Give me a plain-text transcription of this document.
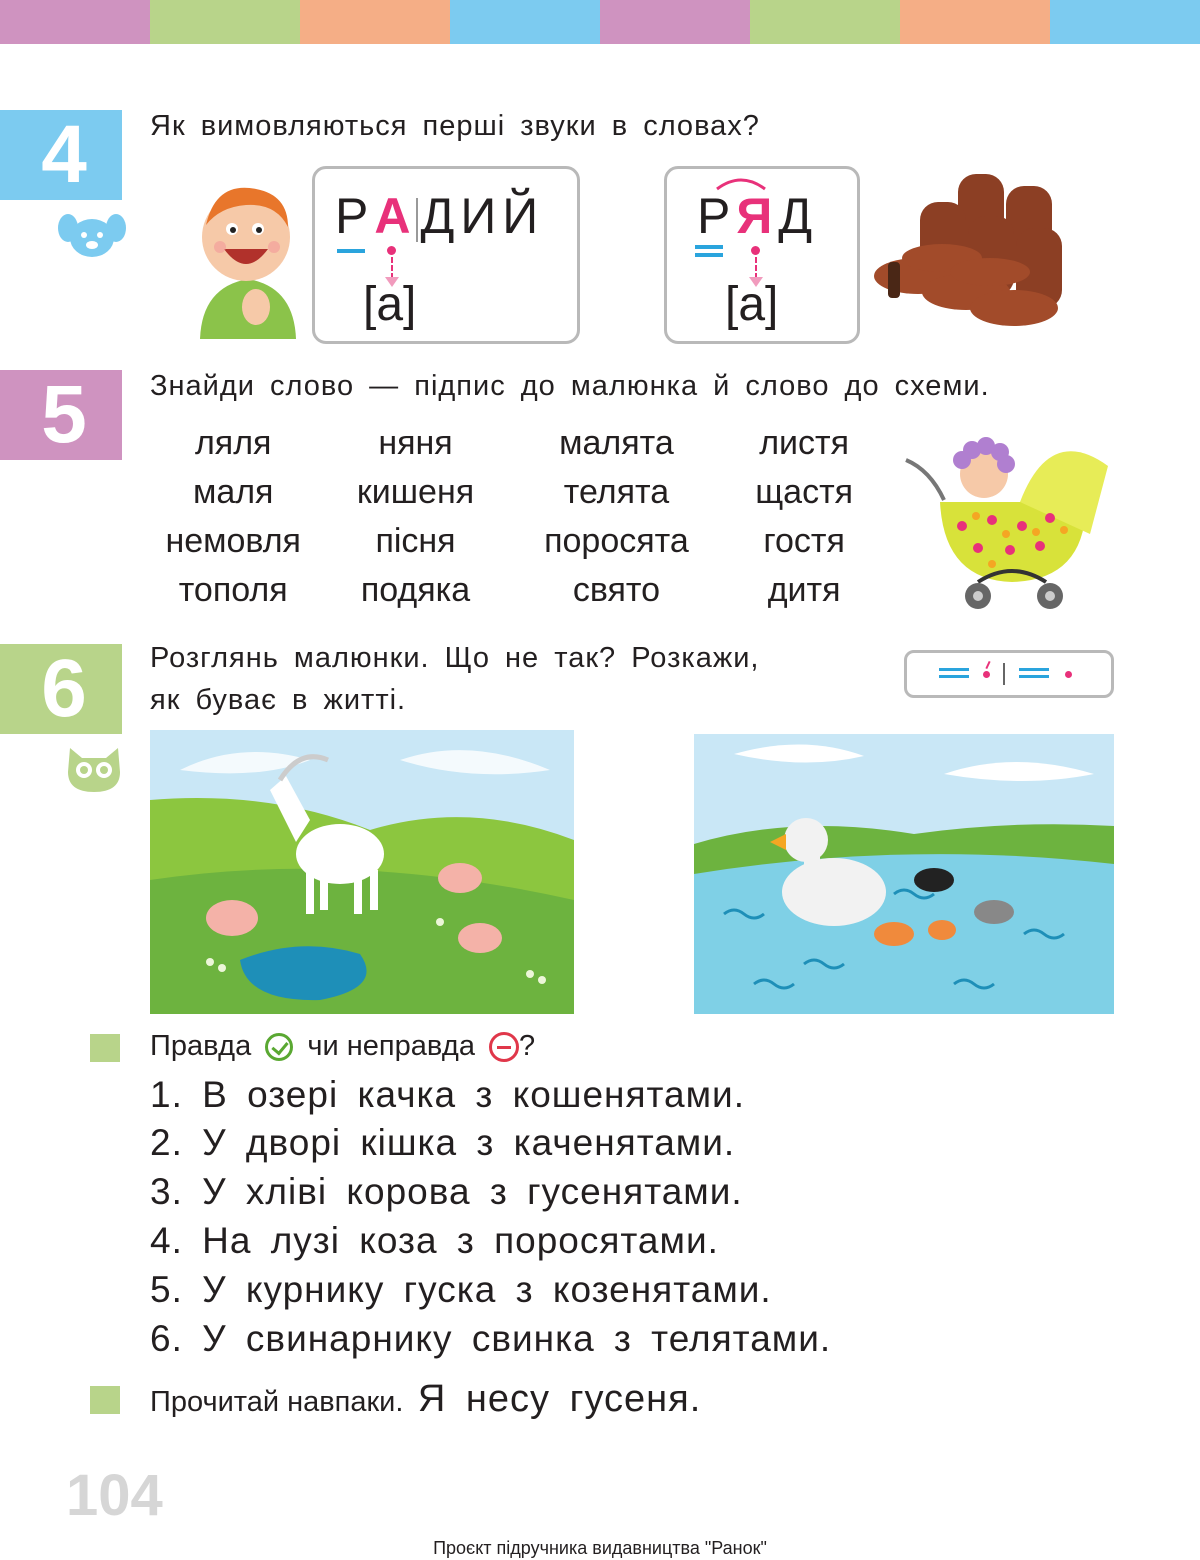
4	Як вимовляються перші звуки в словах?
РАДИЙ
[а]
РЯД
[а]
5	Знайди слово — підпис до малюнка й слово до схеми.
ляля	няня	малята	листя
маля	кишеня	телята	щастя
немовля	пісня	поросята	гостя
тополя	подяка	свято	дитя
6	Розглянь малюнки. Що не так? Розкажи,
як буває в житті.
Правда чи неправда ?
1. В озері качка з кошенятами.
2. У дворі кішка з каченятами.
3. У хліві корова з гусенятами.
4. На лузі коза з поросятами.
5. У курнику гуска з козенятами.
6. У свинарнику свинка з телятами.
Прочитай навпаки. Я несу гусеня.
104
Проєкт підручника видавництва "Ранок"
